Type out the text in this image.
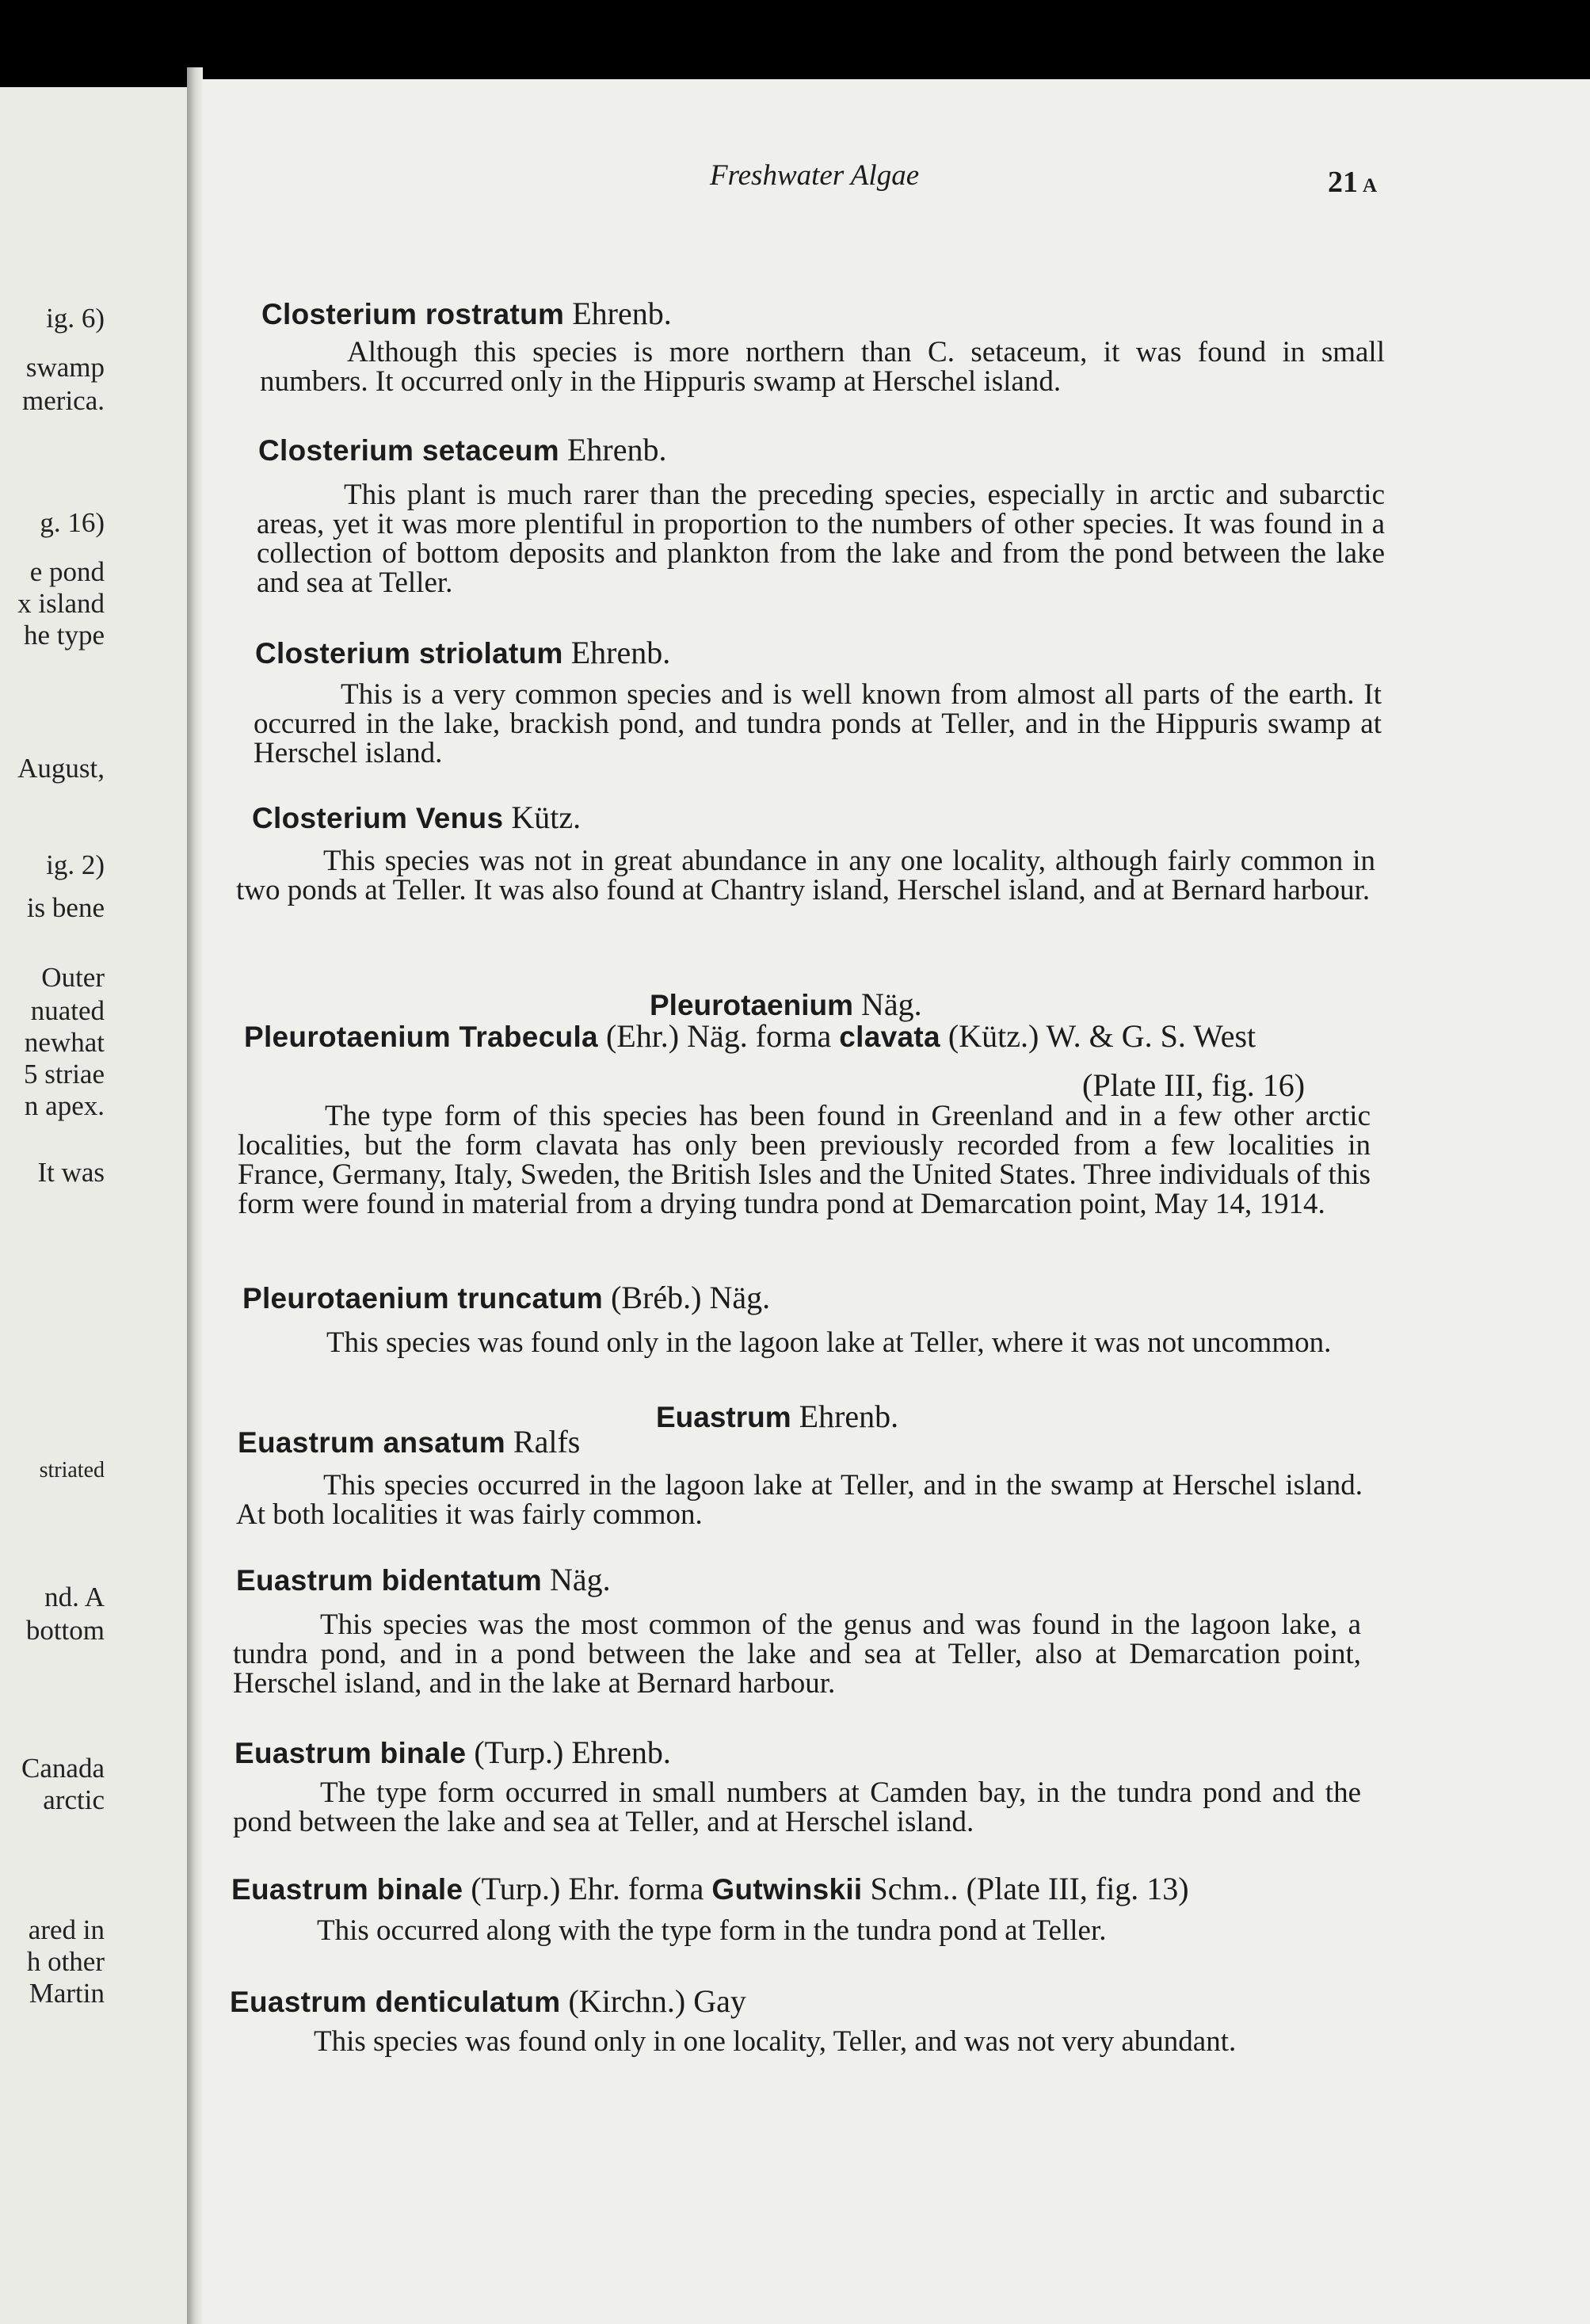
ig. 6)
swamp
merica.
g. 16)
e pond
x island
he type
August,
ig. 2)
is bene
Outer
nuated
newhat
5 striae
n apex.
It was
striated
nd. A
bottom
Canada
arctic
ared in
h other
Martin
Freshwater Algae	21 A
Closterium rostratum Ehrenb.

Although this species is more northern than C. setaceum, it was found in small numbers. It occurred only in the Hippuris swamp at Herschel island.

Closterium setaceum Ehrenb.

This plant is much rarer than the preceding species, especially in arctic and subarctic areas, yet it was more plentiful in proportion to the numbers of other species. It was found in a collection of bottom deposits and plankton from the lake and from the pond between the lake and sea at Teller.

Closterium striolatum Ehrenb.

This is a very common species and is well known from almost all parts of the earth. It occurred in the lake, brackish pond, and tundra ponds at Teller, and in the Hippuris swamp at Herschel island.

Closterium Venus Kütz.

This species was not in great abundance in any one locality, although fairly common in two ponds at Teller. It was also found at Chantry island, Herschel island, and at Bernard harbour.

Pleurotaenium Näg.
Pleurotaenium Trabecula (Ehr.) Näg. forma clavata (Kütz.) W. & G. S. West
(Plate III, fig. 16)

The type form of this species has been found in Greenland and in a few other arctic localities, but the form clavata has only been previously recorded from a few localities in France, Germany, Italy, Sweden, the British Isles and the United States. Three individuals of this form were found in material from a drying tundra pond at Demarcation point, May 14, 1914.

Pleurotaenium truncatum (Bréb.) Näg.

This species was found only in the lagoon lake at Teller, where it was not uncommon.

Euastrum Ehrenb.
Euastrum ansatum Ralfs

This species occurred in the lagoon lake at Teller, and in the swamp at Herschel island. At both localities it was fairly common.

Euastrum bidentatum Näg.

This species was the most common of the genus and was found in the lagoon lake, a tundra pond, and in a pond between the lake and sea at Teller, also at Demarcation point, Herschel island, and in the lake at Bernard harbour.

Euastrum binale (Turp.) Ehrenb.

The type form occurred in small numbers at Camden bay, in the tundra pond and the pond between the lake and sea at Teller, and at Herschel island.

Euastrum binale (Turp.) Ehr. forma Gutwinskii Schm.. (Plate III, fig. 13)

This occurred along with the type form in the tundra pond at Teller.

Euastrum denticulatum (Kirchn.) Gay

This species was found only in one locality, Teller, and was not very abundant.
